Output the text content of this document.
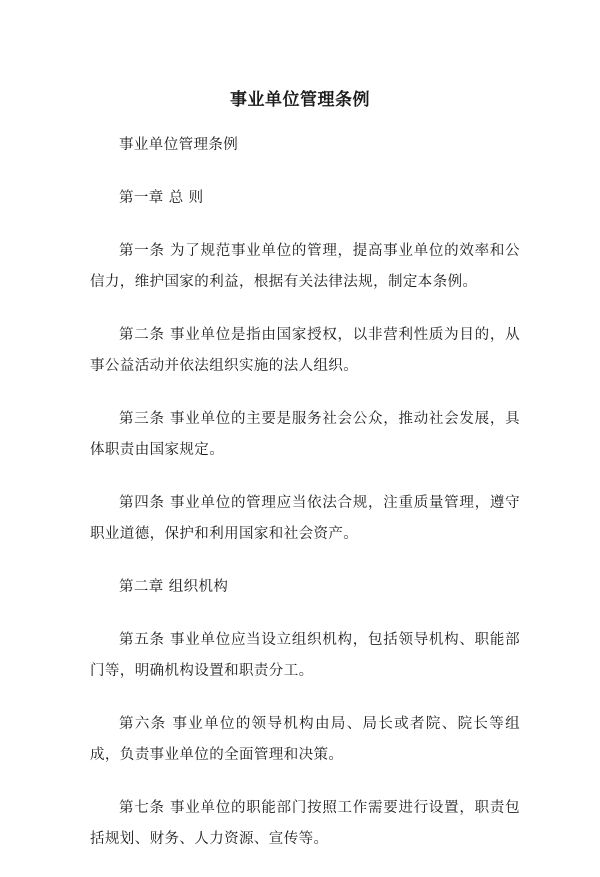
事业单位管理条例

事业单位管理条例

第一章 总 则

第一条 为了规范事业单位的管理，提高事业单位的效率和公信力，维护国家的利益，根据有关法律法规，制定本条例。

第二条 事业单位是指由国家授权，以非营利性质为目的，从事公益活动并依法组织实施的法人组织。

第三条 事业单位的主要是服务社会公众，推动社会发展，具体职责由国家规定。

第四条 事业单位的管理应当依法合规，注重质量管理，遵守职业道德，保护和利用国家和社会资产。

第二章 组织机构

第五条 事业单位应当设立组织机构，包括领导机构、职能部门等，明确机构设置和职责分工。

第六条 事业单位的领导机构由局、局长或者院、院长等组成，负责事业单位的全面管理和决策。

第七条 事业单位的职能部门按照工作需要进行设置，职责包括规划、财务、人力资源、宣传等。
